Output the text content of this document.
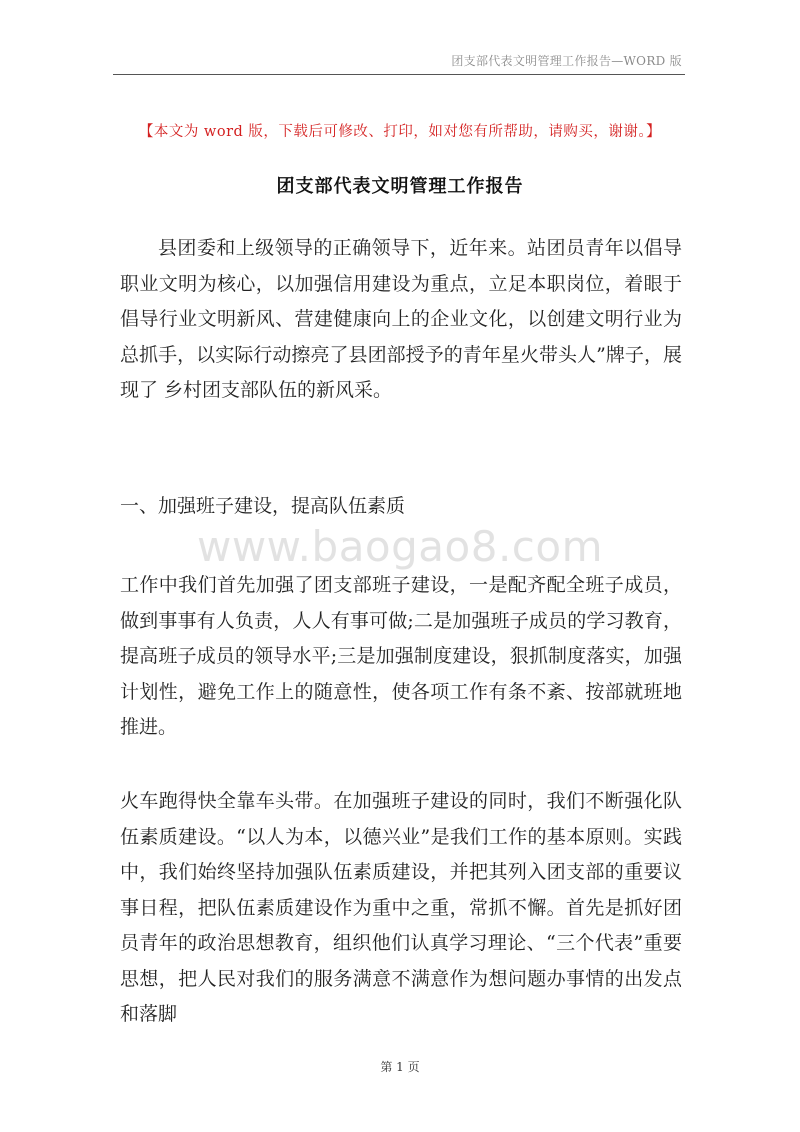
团支部代表文明管理工作报告—WORD 版
【本文为 word 版，下载后可修改、打印，如对您有所帮助，请购买，谢谢。】
团支部代表文明管理工作报告

县团委和上级领导的正确领导下，近年来。站团员青年以倡导职业文明为核心，以加强信用建设为重点，立足本职岗位，着眼于倡导行业文明新风、营建健康向上的企业文化，以创建文明行业为总抓手，以实际行动擦亮了县团部授予的青年星火带头人”牌子，展现了 乡村团支部队伍的新风采。

一、加强班子建设，提高队伍素质

www.baogao8.com

工作中我们首先加强了团支部班子建设，一是配齐配全班子成员，做到事事有人负责，人人有事可做;二是加强班子成员的学习教育，提高班子成员的领导水平;三是加强制度建设，狠抓制度落实，加强计划性，避免工作上的随意性，使各项工作有条不紊、按部就班地推进。

火车跑得快全靠车头带。在加强班子建设的同时，我们不断强化队伍素质建设。“以人为本，以德兴业”是我们工作的基本原则。实践中，我们始终坚持加强队伍素质建设，并把其列入团支部的重要议事日程，把队伍素质建设作为重中之重，常抓不懈。首先是抓好团员青年的政治思想教育，组织他们认真学习理论、“三个代表”重要思想，把人民对我们的服务满意不满意作为想问题办事情的出发点和落脚

第 1 页
